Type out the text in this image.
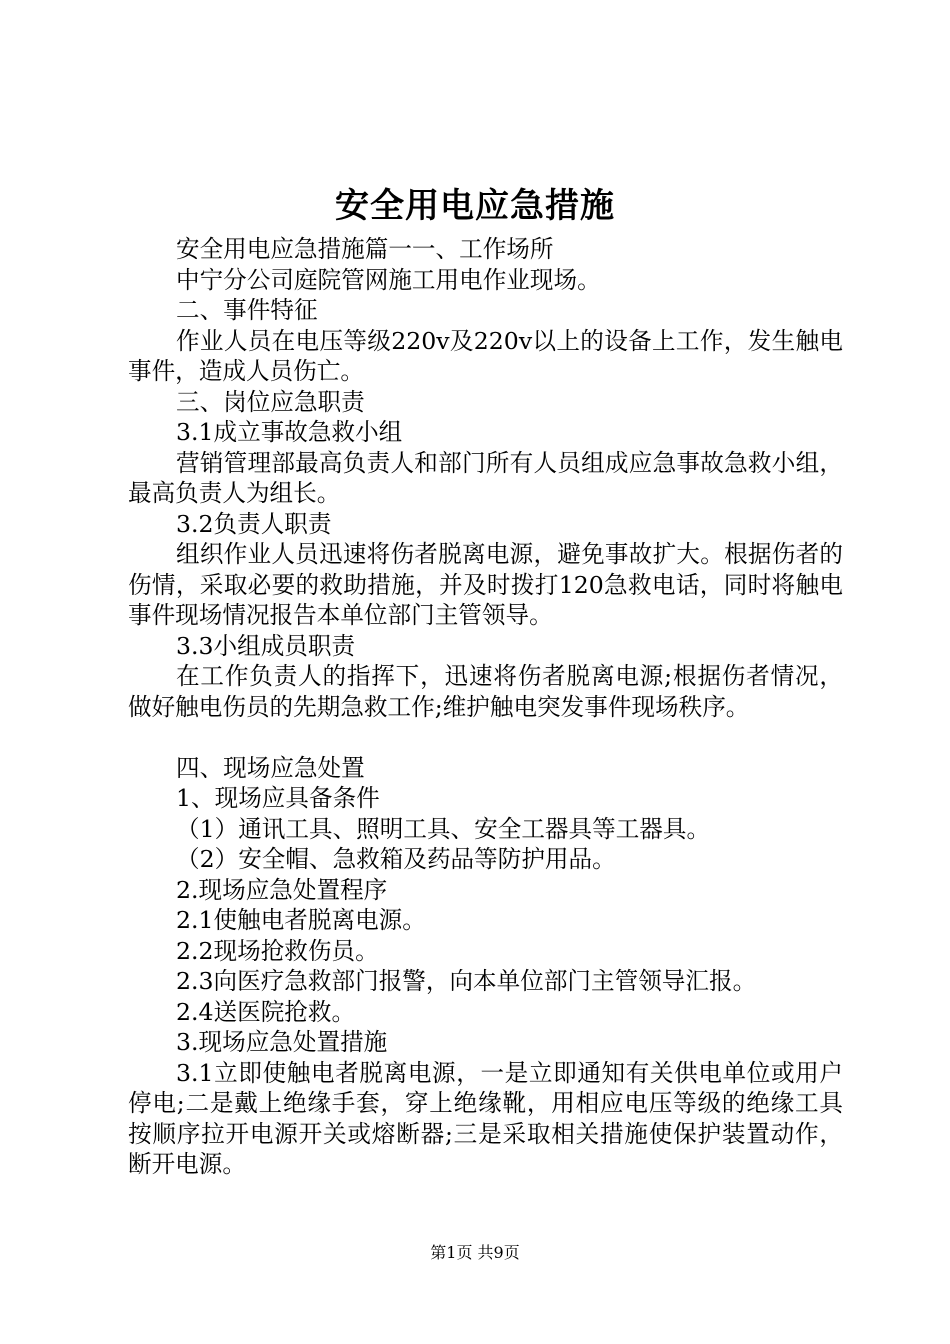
安全用电应急措施

安全用电应急措施篇一一、工作场所

中宁分公司庭院管网施工用电作业现场。

二、事件特征

作业人员在电压等级220v及220v以上的设备上工作，发生触电事件，造成人员伤亡。

三、岗位应急职责

3.1成立事故急救小组

营销管理部最高负责人和部门所有人员组成应急事故急救小组，最高负责人为组长。

3.2负责人职责

组织作业人员迅速将伤者脱离电源，避免事故扩大。根据伤者的伤情，采取必要的救助措施，并及时拨打120急救电话，同时将触电事件现场情况报告本单位部门主管领导。

3.3小组成员职责

在工作负责人的指挥下，迅速将伤者脱离电源;根据伤者情况，做好触电伤员的先期急救工作;维护触电突发事件现场秩序。

四、现场应急处置

1、现场应具备条件

（1）通讯工具、照明工具、安全工器具等工器具。

（2）安全帽、急救箱及药品等防护用品。

2.现场应急处置程序

2.1使触电者脱离电源。

2.2现场抢救伤员。

2.3向医疗急救部门报警，向本单位部门主管领导汇报。

2.4送医院抢救。

3.现场应急处置措施

3.1立即使触电者脱离电源，一是立即通知有关供电单位或用户停电;二是戴上绝缘手套，穿上绝缘靴，用相应电压等级的绝缘工具按顺序拉开电源开关或熔断器;三是采取相关措施使保护装置动作，断开电源。

第1页 共9页
